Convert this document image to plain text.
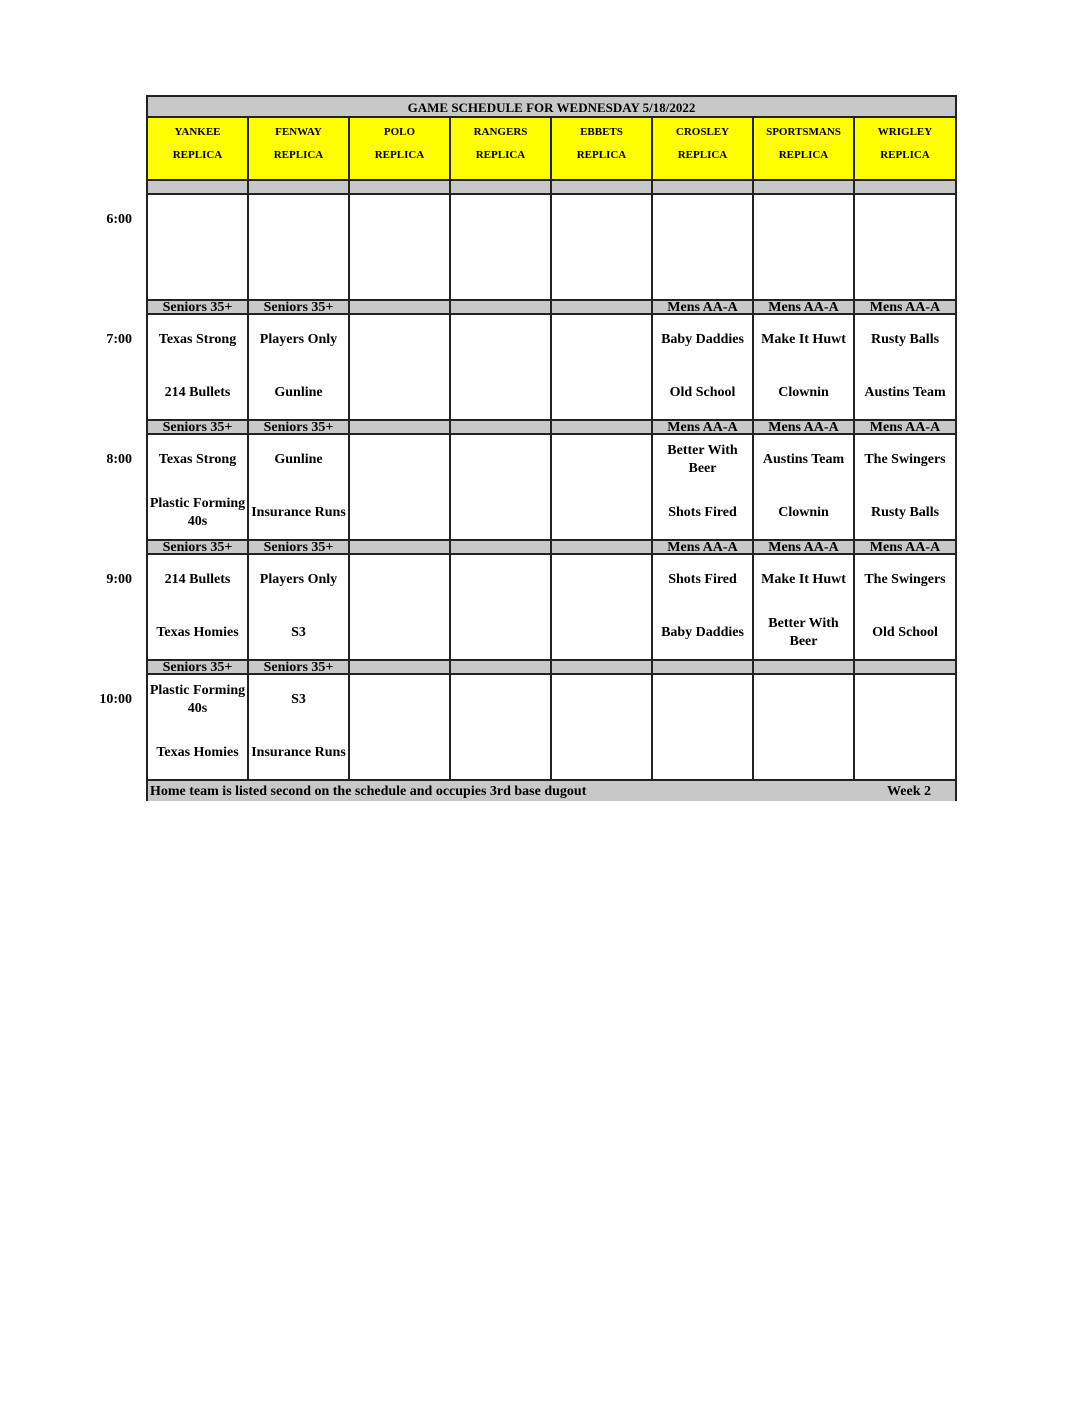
GAME SCHEDULE FOR WEDNESDAY 5/18/2022
Home team is listed second on the schedule and occupies 3rd base dugout	Week 2
YANKEE
REPLICA
FENWAY
REPLICA
POLO
REPLICA
RANGERS
REPLICA
EBBETS
REPLICA
CROSLEY
REPLICA
SPORTSMANS
REPLICA
WRIGLEY
REPLICA
Seniors 35+
Texas Strong
214 Bullets
Seniors 35+
Players Only
Gunline
Mens AA-A
Baby Daddies
Old School
Mens AA-A
Make It Huwt
Clownin
Mens AA-A
Rusty Balls
Austins Team
Seniors 35+
Texas Strong
Plastic Forming 40s
Seniors 35+
Gunline
Insurance Runs
Mens AA-A
Better With Beer
Shots Fired
Mens AA-A
Austins Team
Clownin
Mens AA-A
The Swingers
Rusty Balls
Seniors 35+
214 Bullets
Texas Homies
Seniors 35+
Players Only
S3
Mens AA-A
Shots Fired
Baby Daddies
Mens AA-A
Make It Huwt
Better With Beer
Mens AA-A
The Swingers
Old School
Seniors 35+
Plastic Forming 40s
Texas Homies
Seniors 35+
S3
Insurance Runs
6:00
7:00
8:00
9:00
10:00
